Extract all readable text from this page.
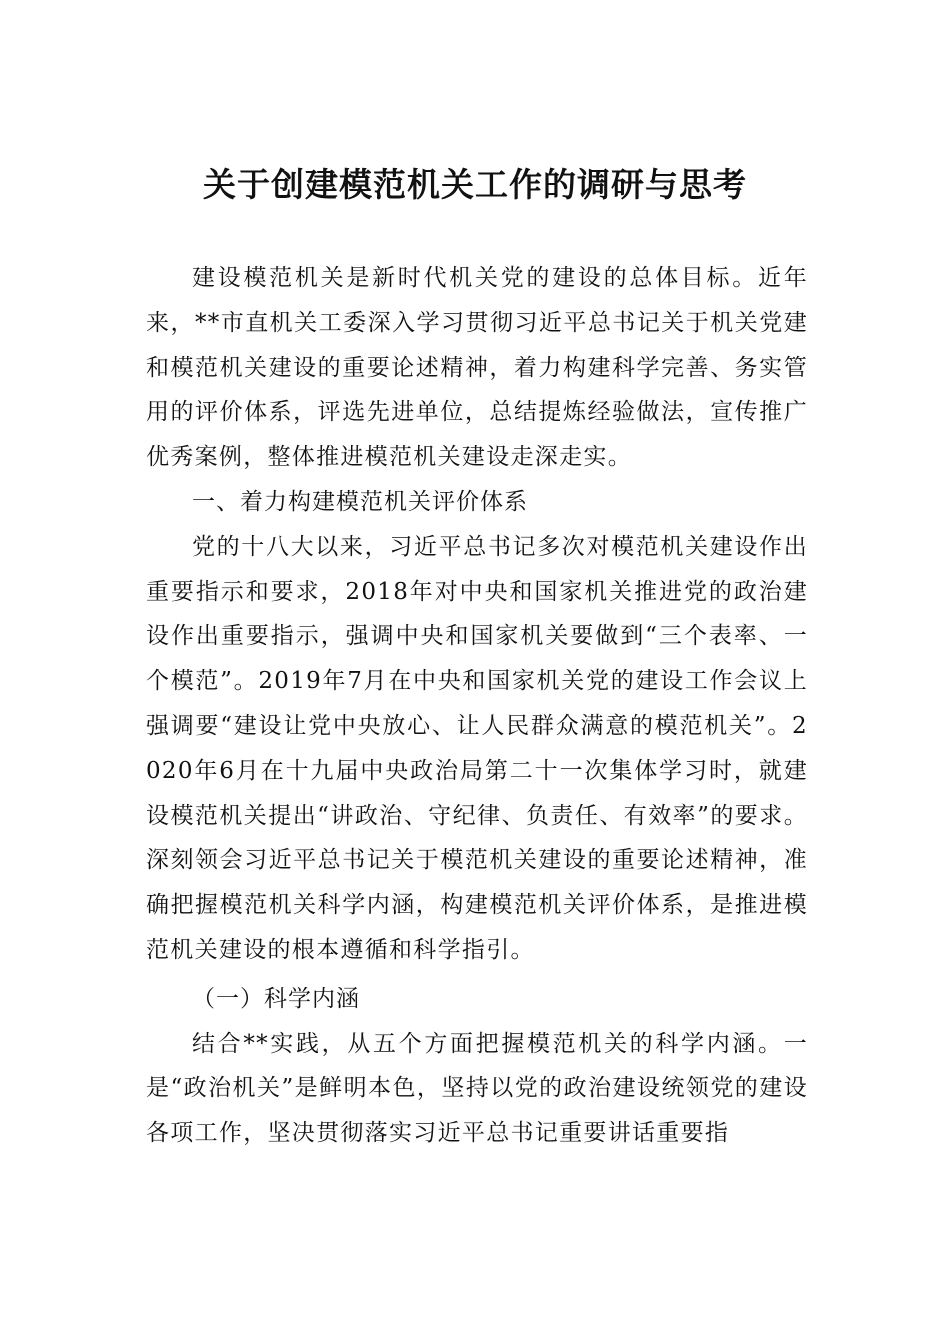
关于创建模范机关工作的调研与思考

建设模范机关是新时代机关党的建设的总体目标。近年来，**市直机关工委深入学习贯彻习近平总书记关于机关党建和模范机关建设的重要论述精神，着力构建科学完善、务实管用的评价体系，评选先进单位，总结提炼经验做法，宣传推广优秀案例，整体推进模范机关建设走深走实。

一、着力构建模范机关评价体系

党的十八大以来，习近平总书记多次对模范机关建设作出重要指示和要求，2018年对中央和国家机关推进党的政治建设作出重要指示，强调中央和国家机关要做到“三个表率、一个模范”。2019年7月在中央和国家机关党的建设工作会议上强调要“建设让党中央放心、让人民群众满意的模范机关”。2020年6月在十九届中央政治局第二十一次集体学习时，就建设模范机关提出“讲政治、守纪律、负责任、有效率”的要求。深刻领会习近平总书记关于模范机关建设的重要论述精神，准确把握模范机关科学内涵，构建模范机关评价体系，是推进模范机关建设的根本遵循和科学指引。

（一）科学内涵

结合**实践，从五个方面把握模范机关的科学内涵。一是“政治机关”是鲜明本色，坚持以党的政治建设统领党的建设各项工作，坚决贯彻落实习近平总书记重要讲话重要指
